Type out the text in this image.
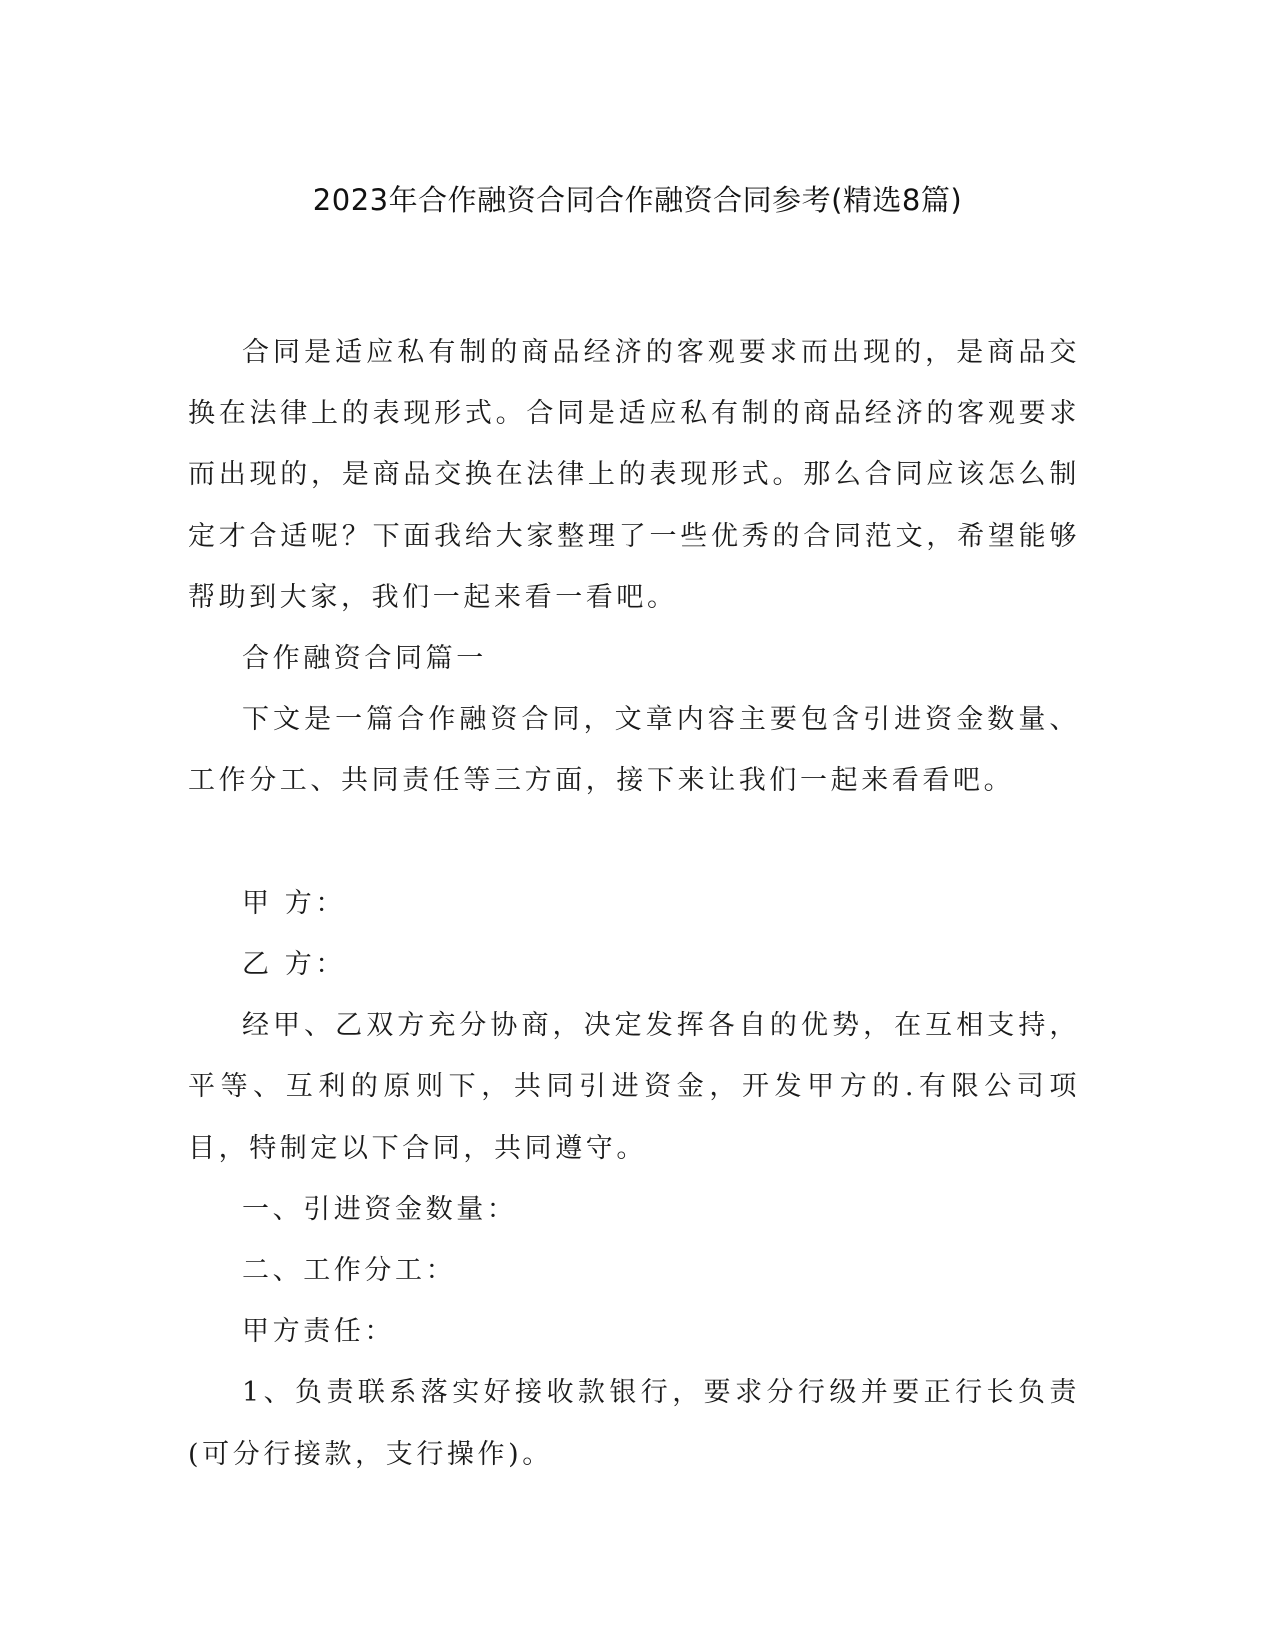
2023年合作融资合同合作融资合同参考(精选8篇)

合同是适应私有制的商品经济的客观要求而出现的，是商品交换在法律上的表现形式。合同是适应私有制的商品经济的客观要求而出现的，是商品交换在法律上的表现形式。那么合同应该怎么制定才合适呢？下面我给大家整理了一些优秀的合同范文，希望能够帮助到大家，我们一起来看一看吧。

合作融资合同篇一

下文是一篇合作融资合同，文章内容主要包含引进资金数量、工作分工、共同责任等三方面，接下来让我们一起来看看吧。

甲 方：

乙 方：

经甲、乙双方充分协商，决定发挥各自的优势，在互相支持，平等、互利的原则下，共同引进资金，开发甲方的.有限公司项目，特制定以下合同，共同遵守。

一、引进资金数量：

二、工作分工：

甲方责任：

1、负责联系落实好接收款银行，要求分行级并要正行长负责(可分行接款，支行操作)。
